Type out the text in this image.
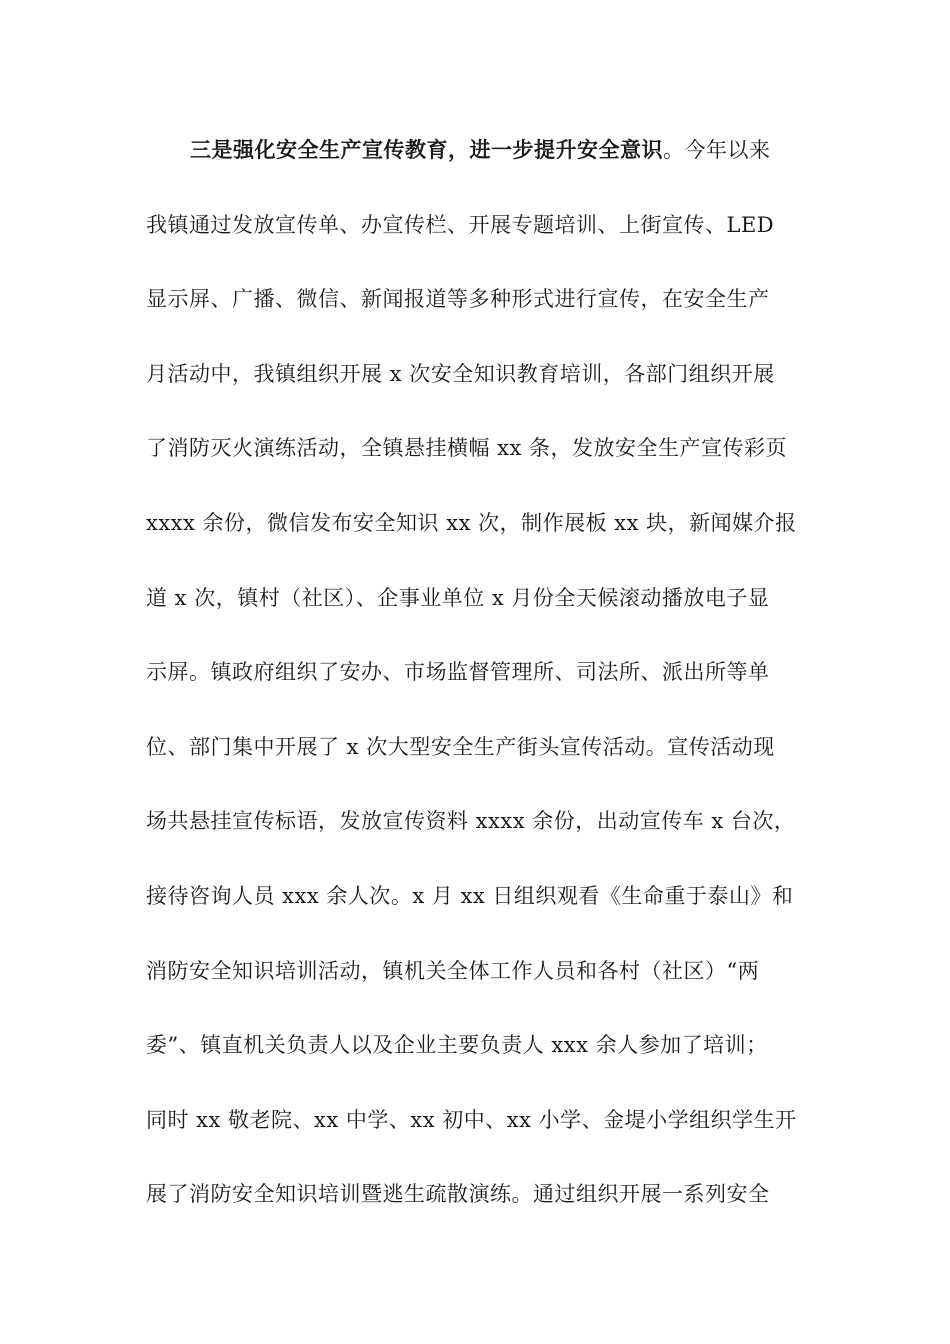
三是强化安全生产宣传教育，进一步提升安全意识。今年以来
我镇通过发放宣传单、办宣传栏、开展专题培训、上街宣传、LED
显示屏、广播、微信、新闻报道等多种形式进行宣传，在安全生产
月活动中，我镇组织开展 x 次安全知识教育培训，各部门组织开展
了消防灭火演练活动，全镇悬挂横幅 xx 条，发放安全生产宣传彩页
xxxx 余份，微信发布安全知识 xx 次，制作展板 xx 块，新闻媒介报
道 x 次，镇村（社区）、企事业单位 x 月份全天候滚动播放电子显
示屏。镇政府组织了安办、市场监督管理所、司法所、派出所等单
位、部门集中开展了 x 次大型安全生产街头宣传活动。宣传活动现
场共悬挂宣传标语，发放宣传资料 xxxx 余份，出动宣传车 x 台次，
接待咨询人员 xxx 余人次。x 月 xx 日组织观看《生命重于泰山》和
消防安全知识培训活动，镇机关全体工作人员和各村（社区）“两
委”、镇直机关负责人以及企业主要负责人 xxx 余人参加了培训；
同时 xx 敬老院、xx 中学、xx 初中、xx 小学、金堤小学组织学生开
展了消防安全知识培训暨逃生疏散演练。通过组织开展一系列安全
